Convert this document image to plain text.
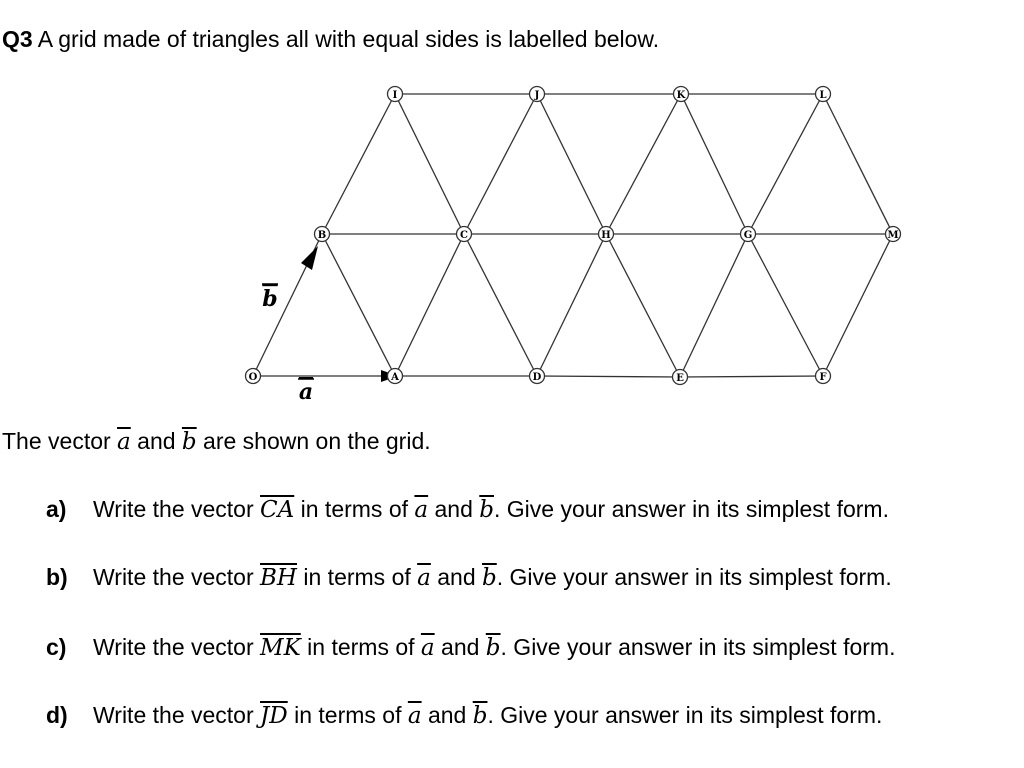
Q3 A grid made of triangles all with equal sides is labelled below.
O	A	D	E	F
B	C	H	G	M
I	J	K	L
a
b
The vector $\overline{a}$ and $\overline{b}$ are shown on the grid.
a) Write the vector $\overline{CA}$ in terms of $\overline{a}$ and $\overline{b}$. Give your answer in its simplest form.
b) Write the vector $\overline{BH}$ in terms of $\overline{a}$ and $\overline{b}$. Give your answer in its simplest form.
c) Write the vector $\overline{MK}$ in terms of $\overline{a}$ and $\overline{b}$. Give your answer in its simplest form.
d) Write the vector $\overline{JD}$ in terms of $\overline{a}$ and $\overline{b}$. Give your answer in its simplest form.
